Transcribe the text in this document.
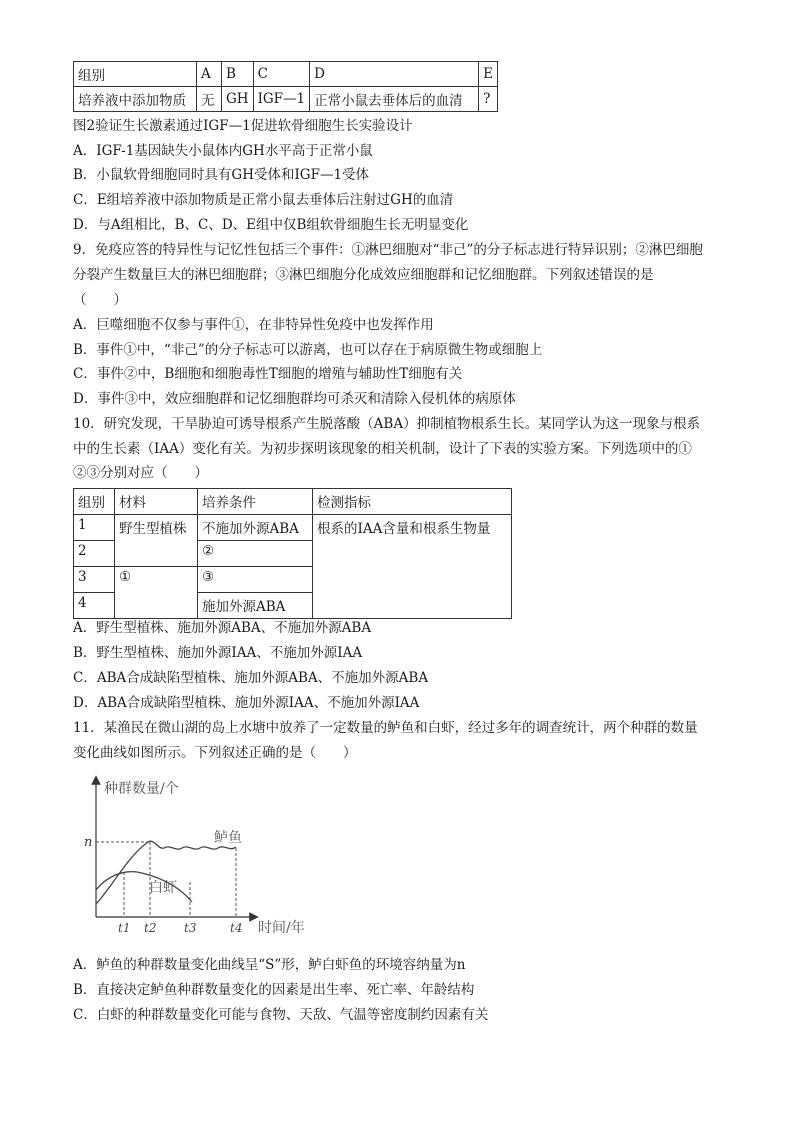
组别	A	B	C	D	E
培养液中添加物质	无	GH	IGF—1	正常小鼠去垂体后的血清	?
图2验证生长激素通过IGF—1促进软骨细胞生长实验设计
A．IGF-1基因缺失小鼠体内GH水平高于正常小鼠
B．小鼠软骨细胞同时具有GH受体和IGF—1受体
C．E组培养液中添加物质是正常小鼠去垂体后注射过GH的血清
D．与A组相比，B、C、D、E组中仅B组软骨细胞生长无明显变化
9．免疫应答的特异性与记忆性包括三个事件：①淋巴细胞对“非己”的分子标志进行特异识别；②淋巴细胞
分裂产生数量巨大的淋巴细胞群；③淋巴细胞分化成效应细胞群和记忆细胞群。下列叙述错误的是
（　　）
A．巨噬细胞不仅参与事件①，在非特异性免疫中也发挥作用
B．事件①中，“非己”的分子标志可以游离，也可以存在于病原微生物或细胞上
C．事件②中，B细胞和细胞毒性T细胞的增殖与辅助性T细胞有关
D．事件③中，效应细胞群和记忆细胞群均可杀灭和清除入侵机体的病原体
10．研究发现，干旱胁迫可诱导根系产生脱落酸（ABA）抑制植物根系生长。某同学认为这一现象与根系
中的生长素（IAA）变化有关。为初步探明该现象的相关机制，设计了下表的实验方案。下列选项中的①
②③分别对应（　　）
组别	材料	培养条件	检测指标
1	野生型植株	不施加外源ABA	根系的IAA含量和根系生物量
2		②	
3	①	③	
4		施加外源ABA	
A．野生型植株、施加外源ABA、不施加外源ABA
B．野生型植株、施加外源IAA、不施加外源IAA
C．ABA合成缺陷型植株、施加外源ABA、不施加外源ABA
D．ABA合成缺陷型植株、施加外源IAA、不施加外源IAA
11．某渔民在微山湖的岛上水塘中放养了一定数量的鲈鱼和白虾，经过多年的调查统计，两个种群的数量
变化曲线如图所示。下列叙述正确的是（　　）
种群数量/个
n	鲈鱼
白虾
t1 t2 t3	t4 时间/年
A．鲈鱼的种群数量变化曲线呈“S”形，鲈白虾鱼的环境容纳量为n
B．直接决定鲈鱼种群数量变化的因素是出生率、死亡率、年龄结构
C．白虾的种群数量变化可能与食物、天敌、气温等密度制约因素有关
